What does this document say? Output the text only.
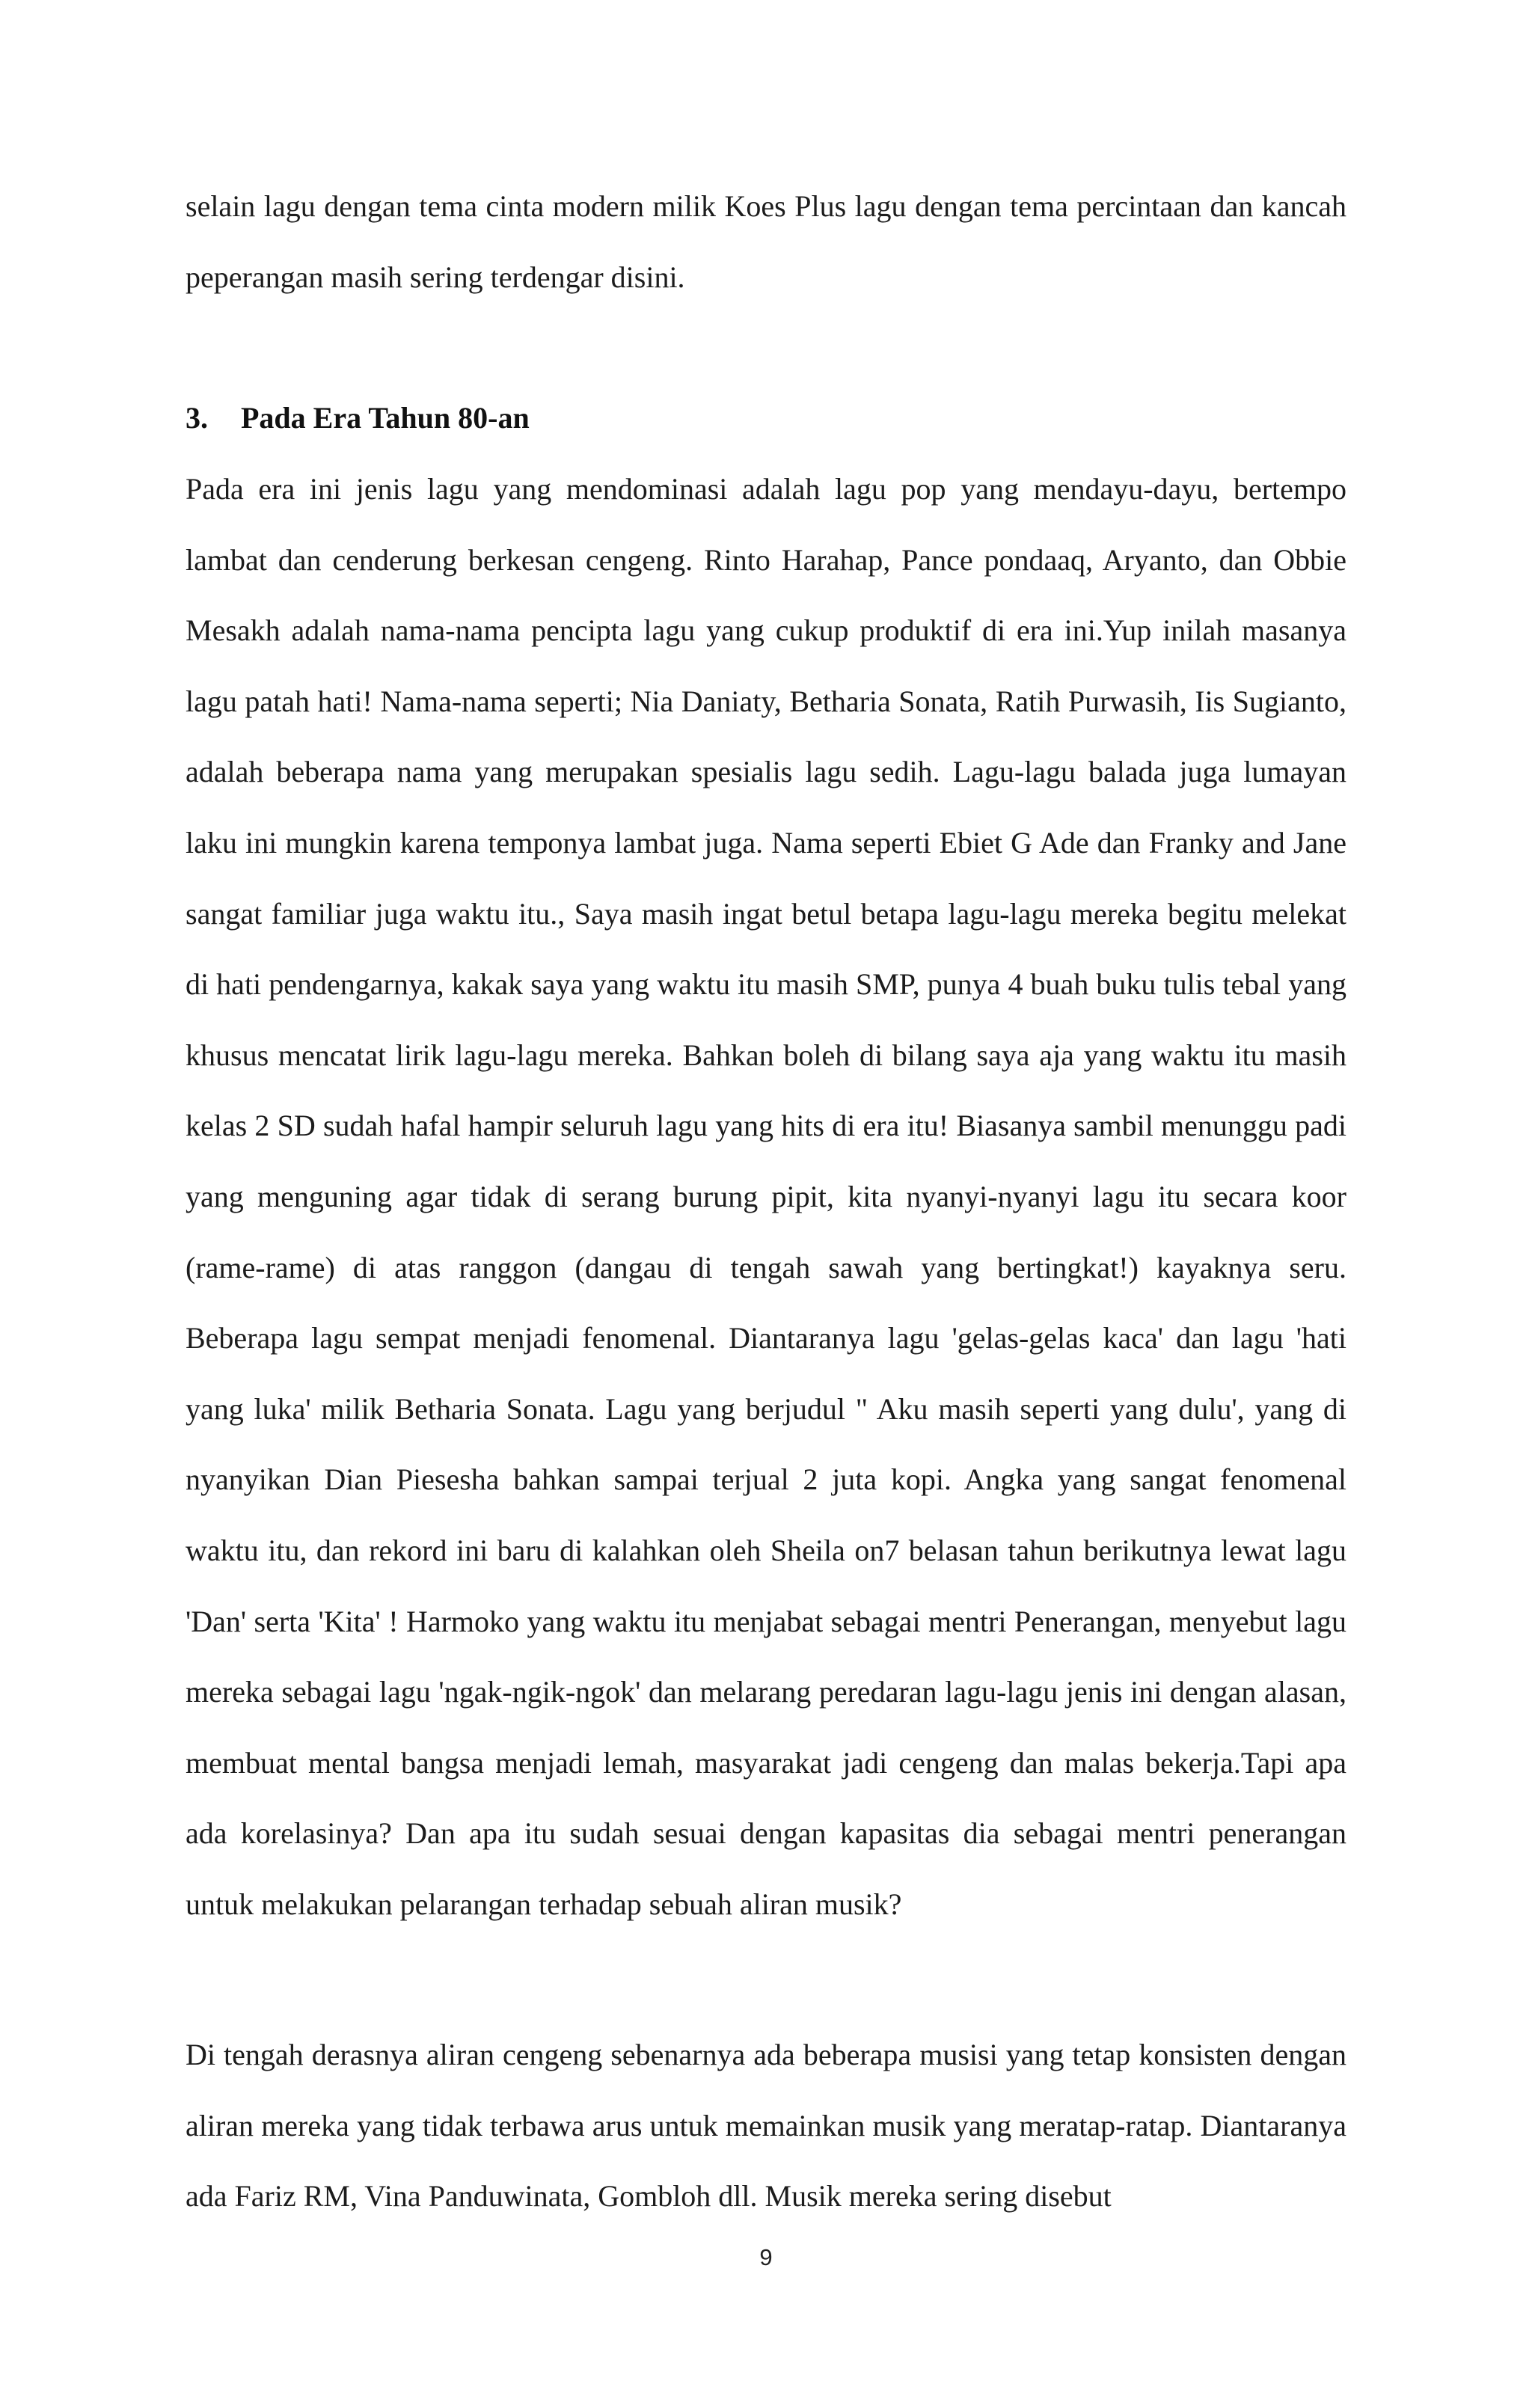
selain lagu dengan tema cinta modern milik Koes Plus lagu dengan tema percintaan dan kancah peperangan masih sering terdengar disini.

3. Pada Era Tahun 80-an

Pada era ini jenis lagu yang mendominasi adalah lagu pop yang mendayu-dayu, bertempo lambat dan cenderung berkesan cengeng. Rinto Harahap, Pance pondaaq, Aryanto, dan Obbie Mesakh adalah nama-nama pencipta lagu yang cukup produktif di era ini.Yup inilah masanya lagu patah hati! Nama-nama seperti; Nia Daniaty, Betharia Sonata, Ratih Purwasih, Iis Sugianto, adalah beberapa nama yang merupakan spesialis lagu sedih. Lagu-lagu balada juga lumayan laku ini mungkin karena temponya lambat juga. Nama seperti Ebiet G Ade dan Franky and Jane sangat familiar juga waktu itu., Saya masih ingat betul betapa lagu-lagu mereka begitu melekat di hati pendengarnya, kakak saya yang waktu itu masih SMP, punya 4 buah buku tulis tebal yang khusus mencatat lirik lagu-lagu mereka. Bahkan boleh di bilang saya aja yang waktu itu masih kelas 2 SD sudah hafal hampir seluruh lagu yang hits di era itu! Biasanya sambil menunggu padi yang menguning agar tidak di serang burung pipit, kita nyanyi-nyanyi lagu itu secara koor (rame-rame) di atas ranggon (dangau di tengah sawah yang bertingkat!) kayaknya seru. Beberapa lagu sempat menjadi fenomenal. Diantaranya lagu 'gelas-gelas kaca' dan lagu 'hati yang luka' milik Betharia Sonata. Lagu yang berjudul " Aku masih seperti yang dulu', yang di nyanyikan Dian Piesesha bahkan sampai terjual 2 juta kopi. Angka yang sangat fenomenal waktu itu, dan rekord ini baru di kalahkan oleh Sheila on7 belasan tahun berikutnya lewat lagu 'Dan' serta 'Kita' ! Harmoko yang waktu itu menjabat sebagai mentri Penerangan, menyebut lagu mereka sebagai lagu 'ngak-ngik-ngok' dan melarang peredaran lagu-lagu jenis ini dengan alasan, membuat mental bangsa menjadi lemah, masyarakat jadi cengeng dan malas bekerja.Tapi apa ada korelasinya? Dan apa itu sudah sesuai dengan kapasitas dia sebagai mentri penerangan untuk melakukan pelarangan terhadap sebuah aliran musik?

Di tengah derasnya aliran cengeng sebenarnya ada beberapa musisi yang tetap konsisten dengan aliran mereka yang tidak terbawa arus untuk memainkan musik yang meratap-ratap. Diantaranya ada Fariz RM, Vina Panduwinata, Gombloh dll. Musik mereka sering disebut

9
